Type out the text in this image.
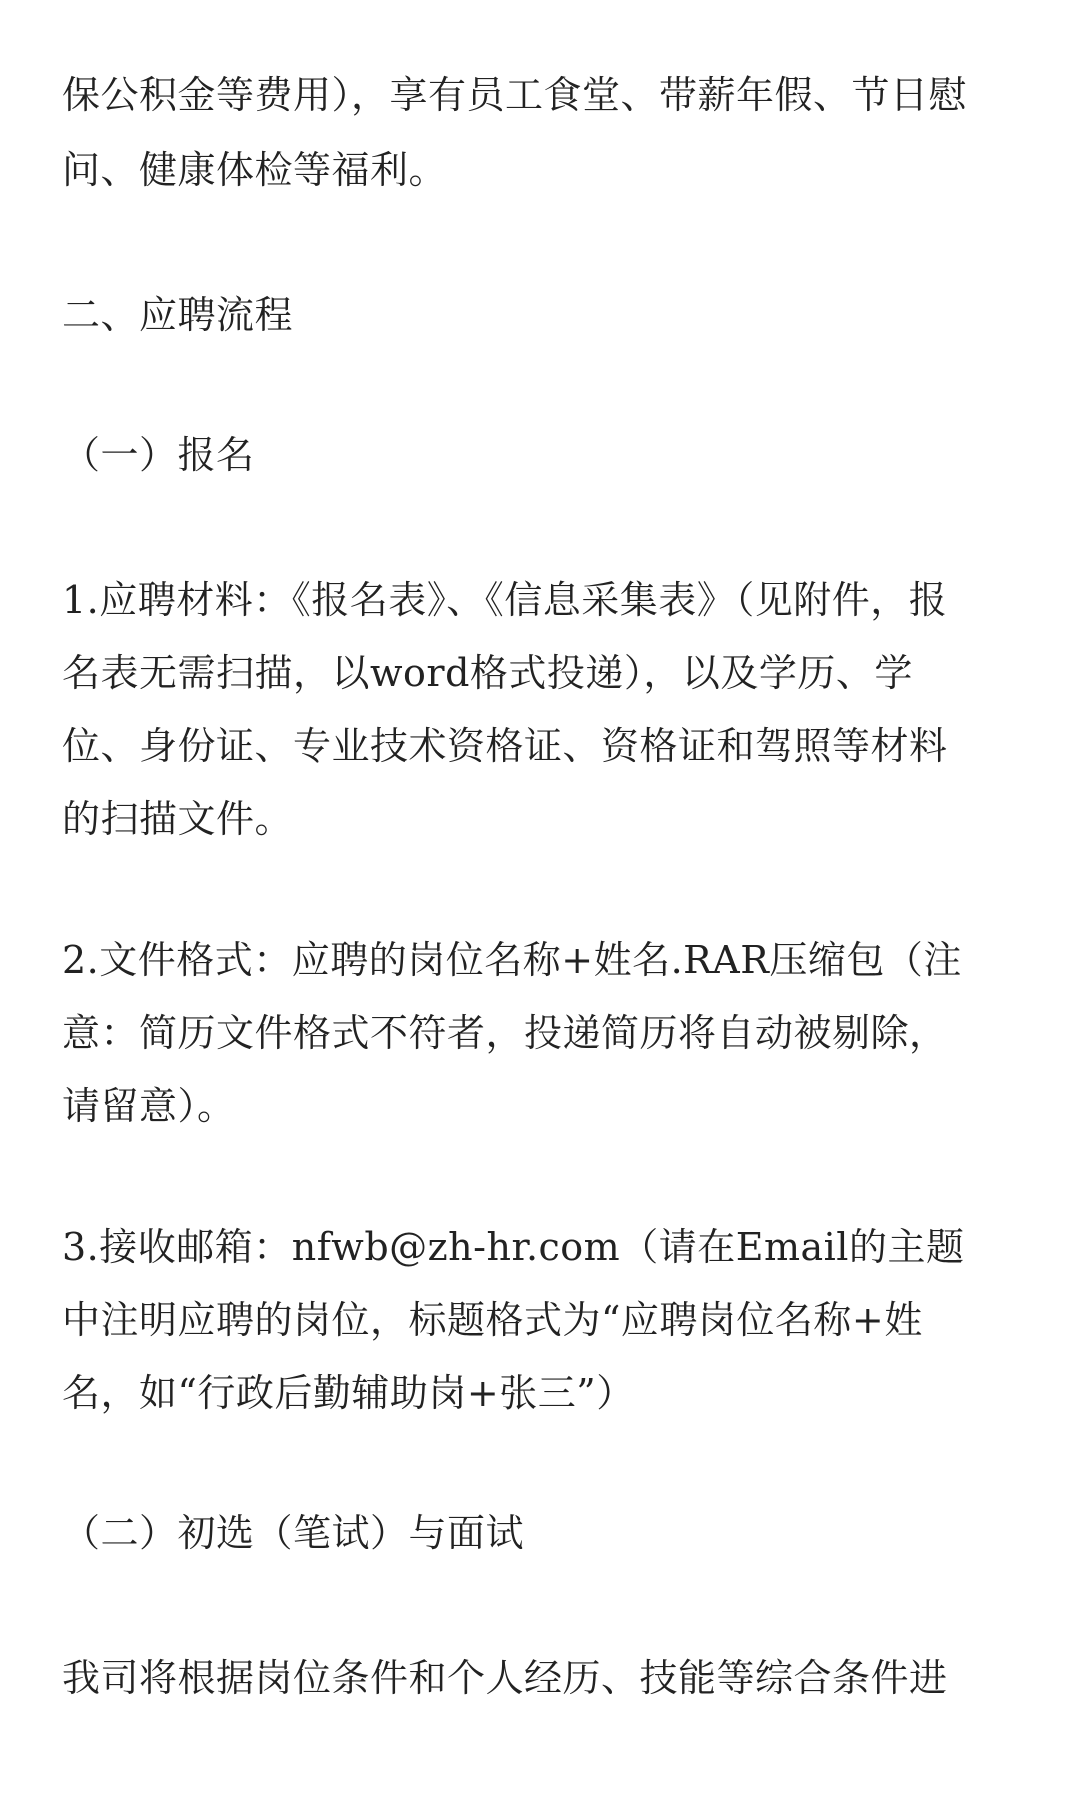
保公积金等费用），享有员工食堂、带薪年假、节日慰
问、健康体检等福利。
二、应聘流程
（一）报名
1.应聘材料：《报名表》、《信息采集表》（见附件，报
名表无需扫描，以word格式投递），以及学历、学
位、身份证、专业技术资格证、资格证和驾照等材料
的扫描文件。
2.文件格式：应聘的岗位名称+姓名.RAR压缩包（注
意：简历文件格式不符者，投递简历将自动被剔除，
请留意）。
3.接收邮箱：nfwb@zh-hr.com（请在Email的主题
中注明应聘的岗位，标题格式为“应聘岗位名称+姓
名，如“行政后勤辅助岗+张三”）
（二）初选（笔试）与面试
我司将根据岗位条件和个人经历、技能等综合条件进
